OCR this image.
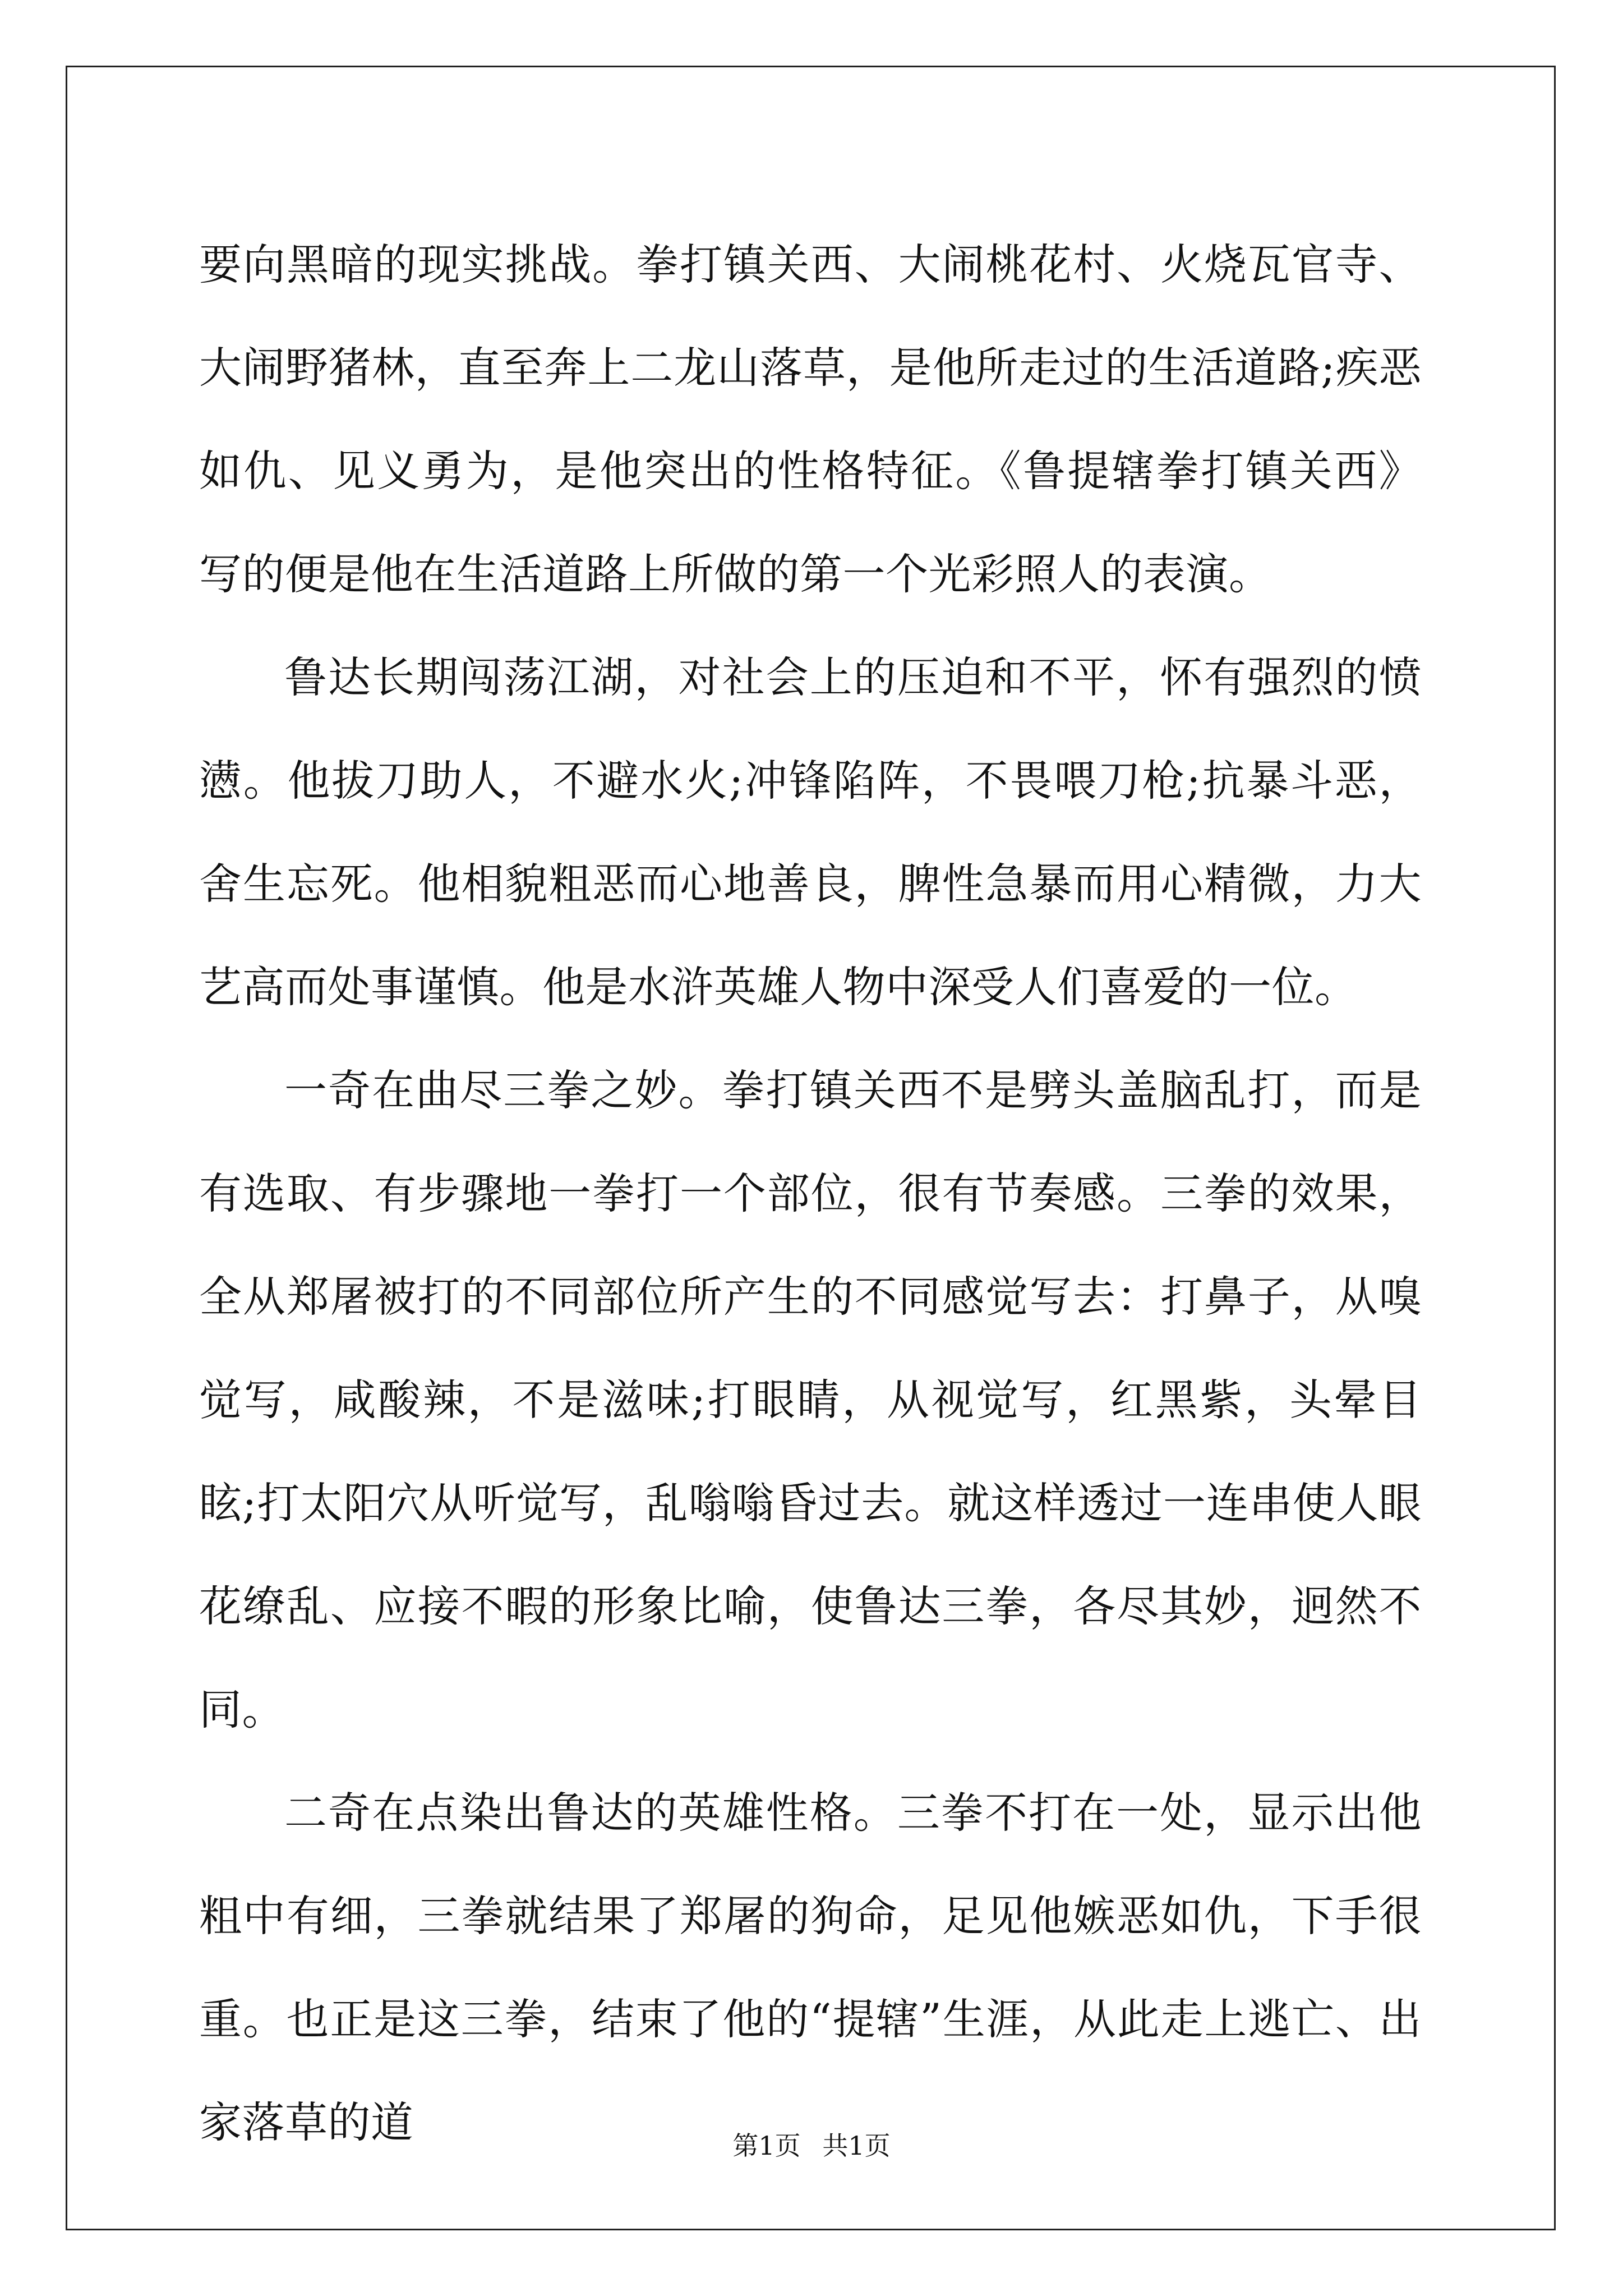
要向黑暗的现实挑战。拳打镇关西、大闹桃花村、火烧瓦官寺、大闹野猪林，直至奔上二龙山落草，是他所走过的生活道路;疾恶如仇、见义勇为，是他突出的性格特征。《鲁提辖拳打镇关西》写的便是他在生活道路上所做的第一个光彩照人的表演。

鲁达长期闯荡江湖，对社会上的压迫和不平，怀有强烈的愤懑。他拔刀助人，不避水火;冲锋陷阵，不畏喂刀枪;抗暴斗恶，舍生忘死。他相貌粗恶而心地善良，脾性急暴而用心精微，力大艺高而处事谨慎。他是水浒英雄人物中深受人们喜爱的一位。

一奇在曲尽三拳之妙。拳打镇关西不是劈头盖脑乱打，而是有选取、有步骤地一拳打一个部位，很有节奏感。三拳的效果，全从郑屠被打的不同部位所产生的不同感觉写去：打鼻子，从嗅觉写，咸酸辣，不是滋味;打眼睛，从视觉写，红黑紫，头晕目眩;打太阳穴从听觉写，乱嗡嗡昏过去。就这样透过一连串使人眼花缭乱、应接不暇的形象比喻，使鲁达三拳，各尽其妙，迥然不同。

二奇在点染出鲁达的英雄性格。三拳不打在一处，显示出他粗中有细，三拳就结果了郑屠的狗命，足见他嫉恶如仇，下手很重。也正是这三拳，结束了他的“提辖”生涯，从此走上逃亡、出家落草的道	第1页 共1页
